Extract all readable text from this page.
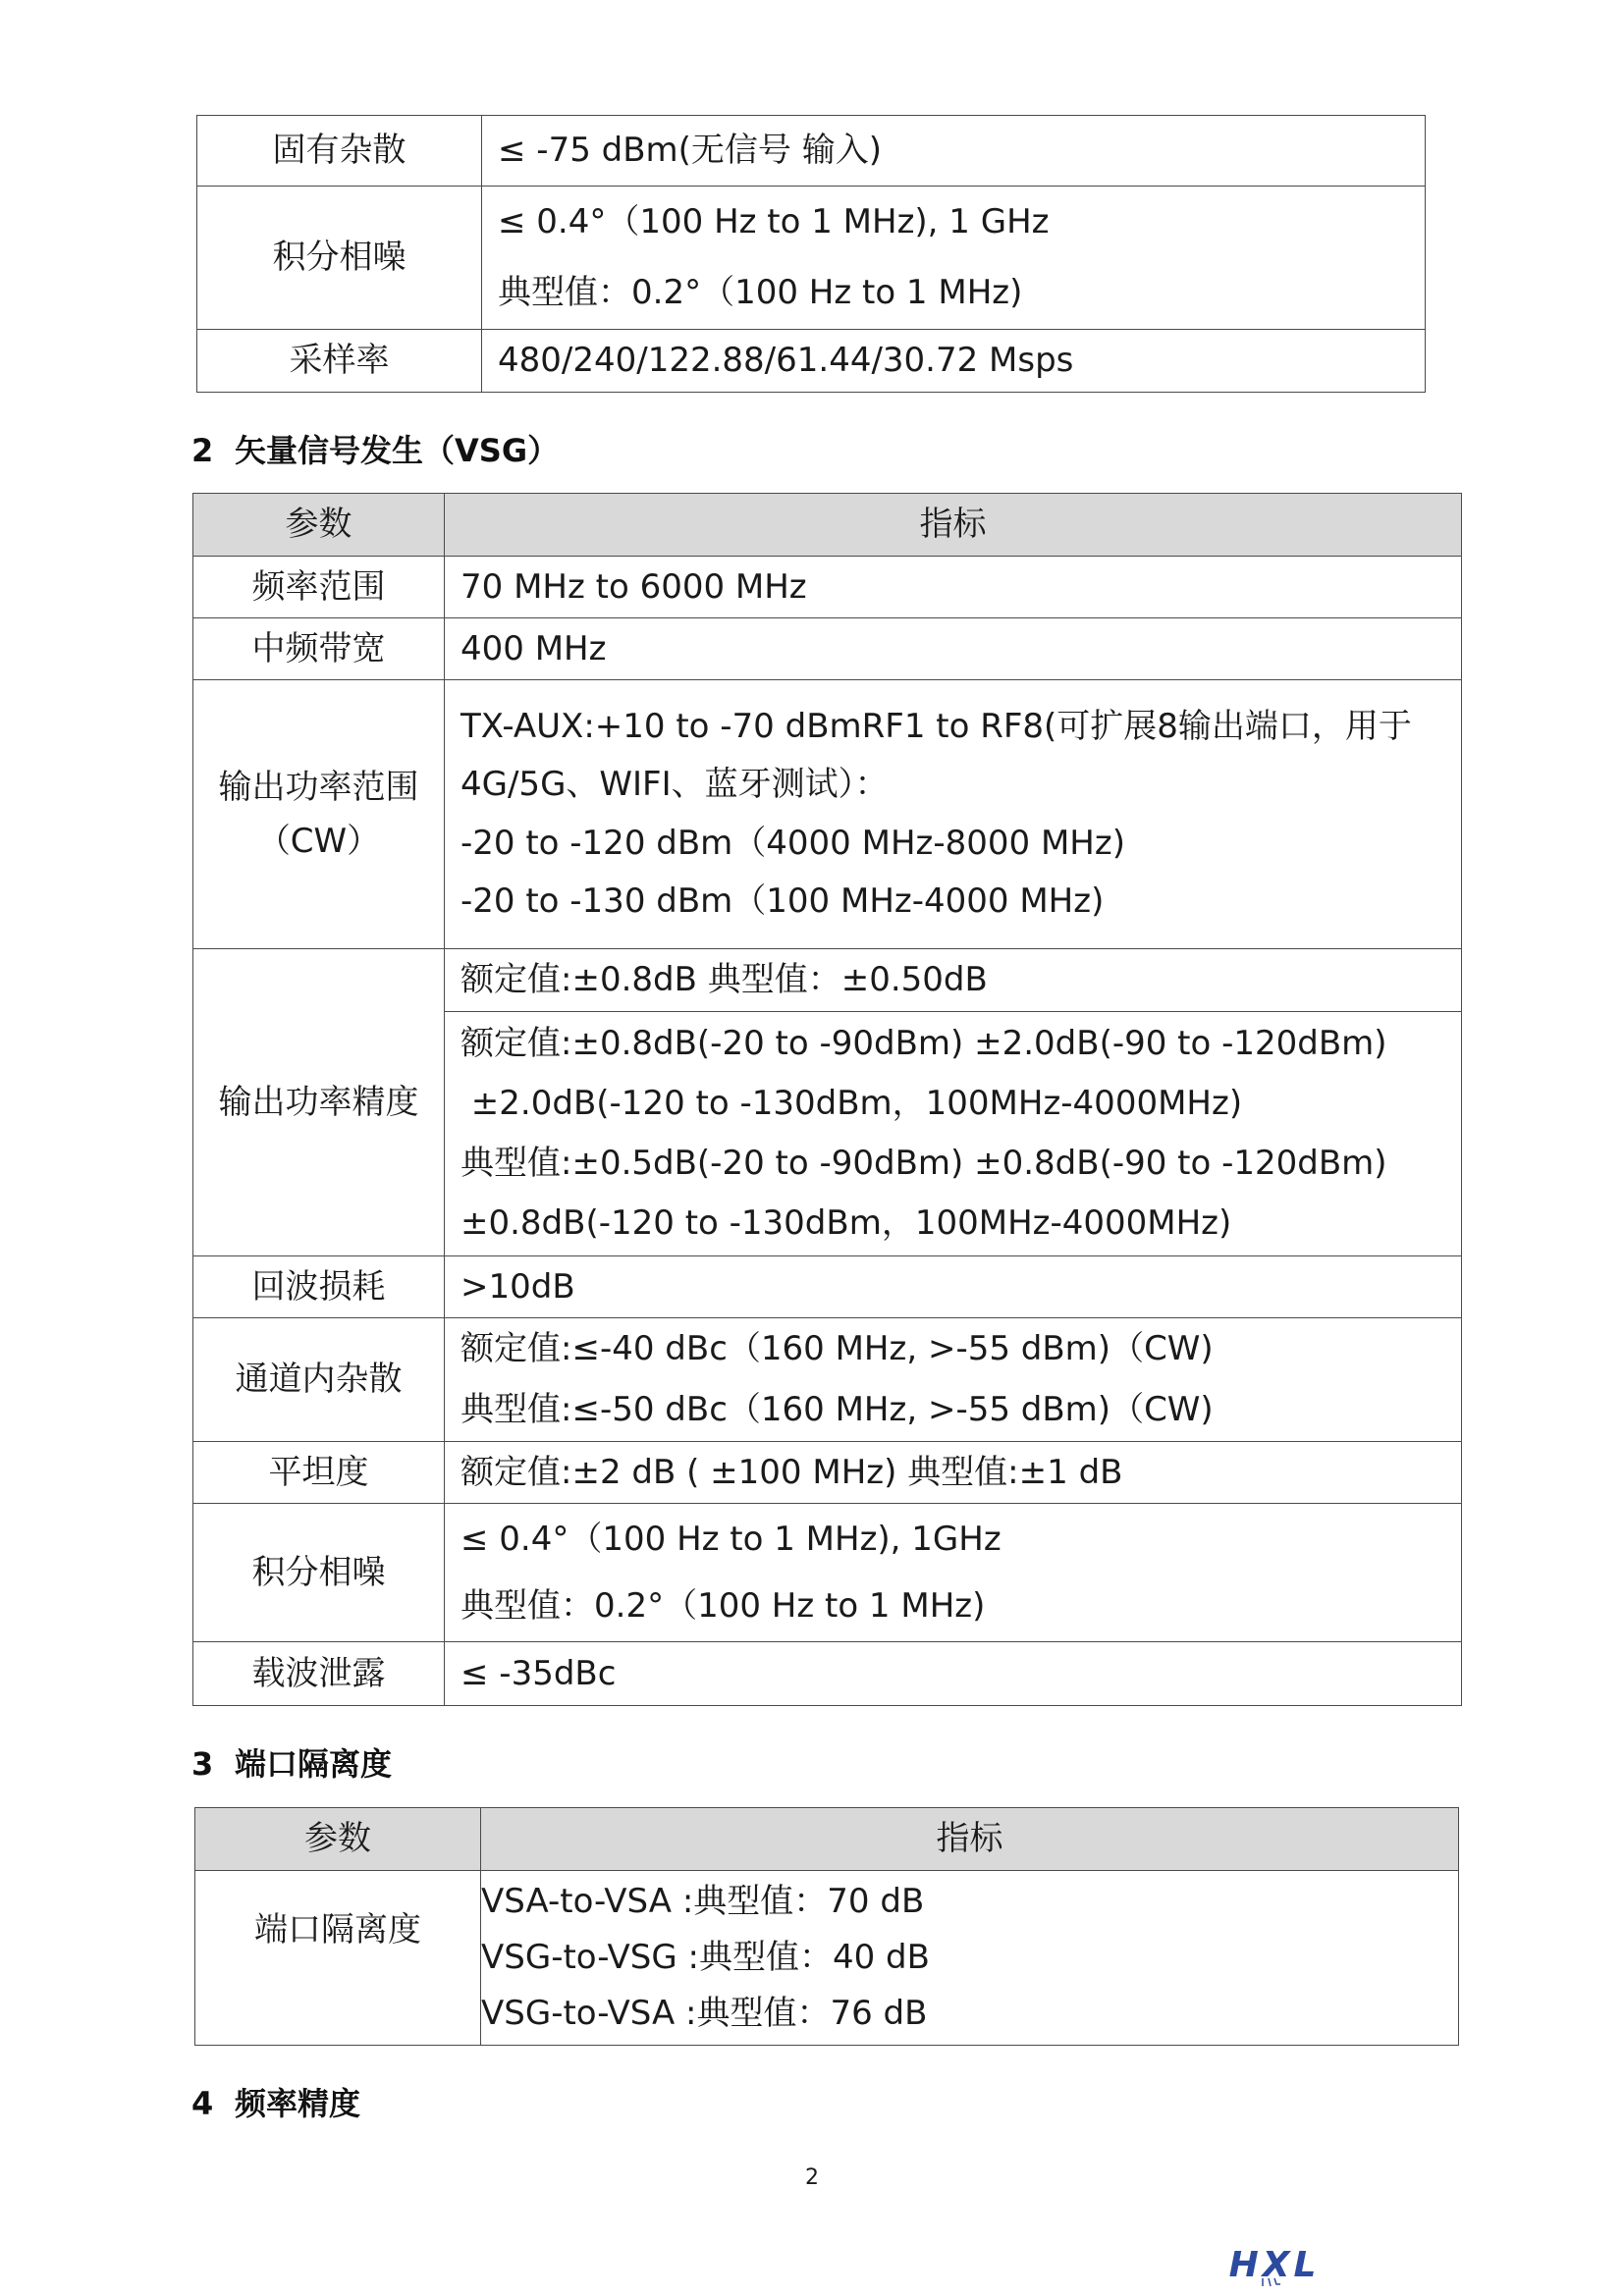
固有杂散	≤ -75 dBm(无信号 输入)

积分相噪	≤ 0.4°（100 Hz to 1 MHz), 1 GHz
典型值：0.2°（100 Hz to 1 MHz)

采样率	480/240/122.88/61.44/30.72 Msps
2 矢量信号发生（VSG）
参数	指标
频率范围	70 MHz to 6000 MHz

中频带宽	400 MHz

输出功率范围
（CW）	TX-AUX:+10 to -70 dBmRF1 to RF8(可扩展8输出端口，用于
4G/5G、WIFI、蓝牙测试）：
-20 to -120 dBm（4000 MHz-8000 MHz)
-20 to -130 dBm（100 MHz-4000 MHz)

输出功率精度	额定值:±0.8dB 典型值：±0.50dB

	额定值:±0.8dB(-20 to -90dBm) ±2.0dB(-90 to -120dBm)
±2.0dB(-120 to -130dBm，100MHz-4000MHz)
典型值:±0.5dB(-20 to -90dBm) ±0.8dB(-90 to -120dBm)
±0.8dB(-120 to -130dBm，100MHz-4000MHz)

回波损耗	>10dB

通道内杂散	额定值:≤-40 dBc（160 MHz, >-55 dBm)（CW)
典型值:≤-50 dBc（160 MHz, >-55 dBm)（CW)

平坦度	额定值:±2 dB ( ±100 MHz) 典型值:±1 dB

积分相噪	≤ 0.4°（100 Hz to 1 MHz), 1GHz
典型值：0.2°（100 Hz to 1 MHz)

载波泄露	≤ -35dBc
3 端口隔离度
参数	指标
端口隔离度	VSA-to-VSA :典型值：70 dB
VSG-to-VSG :典型值：40 dB
VSG-to-VSA :典型值：76 dB
4 频率精度
2
HXL
